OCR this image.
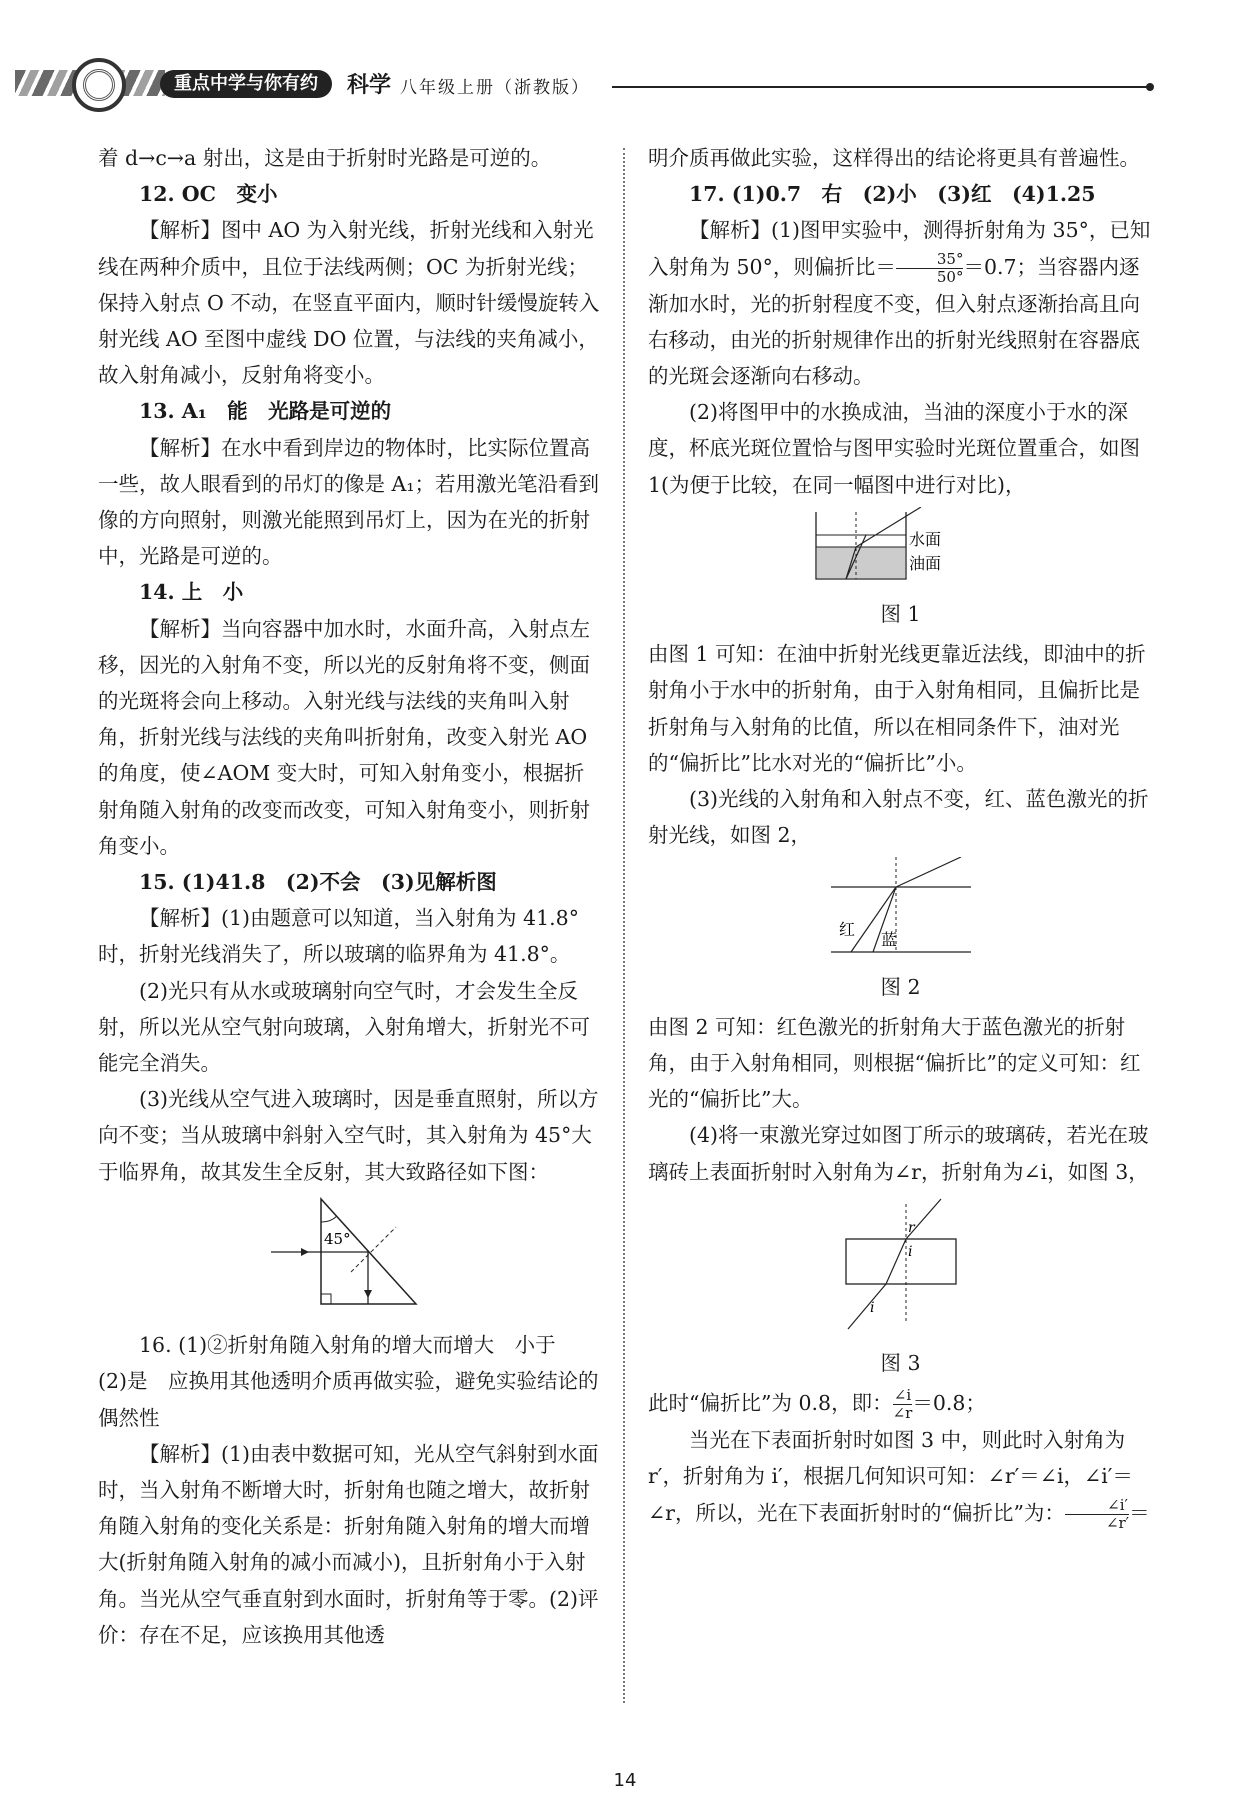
重点中学与你有约	科学 八年级上册（浙教版）

着 d→c→a 射出，这是由于折射时光路是可逆的。

12. OC　变小

【解析】图中 AO 为入射光线，折射光线和入射光线在两种介质中，且位于法线两侧；OC 为折射光线；保持入射点 O 不动，在竖直平面内，顺时针缓慢旋转入射光线 AO 至图中虚线 DO 位置，与法线的夹角减小，故入射角减小，反射角将变小。

13. A₁　能　光路是可逆的

【解析】在水中看到岸边的物体时，比实际位置高一些，故人眼看到的吊灯的像是 A₁；若用激光笔沿看到像的方向照射，则激光能照到吊灯上，因为在光的折射中，光路是可逆的。

14. 上　小

【解析】当向容器中加水时，水面升高，入射点左移，因光的入射角不变，所以光的反射角将不变，侧面的光斑将会向上移动。入射光线与法线的夹角叫入射角，折射光线与法线的夹角叫折射角，改变入射光 AO 的角度，使∠AOM 变大时，可知入射角变小，根据折射角随入射角的改变而改变，可知入射角变小，则折射角变小。

15. (1)41.8　(2)不会　(3)见解析图

【解析】(1)由题意可以知道，当入射角为 41.8°时，折射光线消失了，所以玻璃的临界角为 41.8°。

(2)光只有从水或玻璃射向空气时，才会发生全反射，所以光从空气射向玻璃，入射角增大，折射光不可能完全消失。

(3)光线从空气进入玻璃时，因是垂直照射，所以方向不变；当从玻璃中斜射入空气时，其入射角为 45°大于临界角，故其发生全反射，其大致路径如下图：

45°

16. (1)②折射角随入射角的增大而增大　小于　(2)是　应换用其他透明介质再做实验，避免实验结论的偶然性

【解析】(1)由表中数据可知，光从空气斜射到水面时，当入射角不断增大时，折射角也随之增大，故折射角随入射角的变化关系是：折射角随入射角的增大而增大(折射角随入射角的减小而减小)，且折射角小于入射角。当光从空气垂直射到水面时，折射角等于零。(2)评价：存在不足，应该换用其他透

明介质再做此实验，这样得出的结论将更具有普遍性。

17. (1)0.7　右　(2)小　(3)红　(4)1.25

【解析】(1)图甲实验中，测得折射角为 35°，已知入射角为 50°，则偏折比＝ $\frac{35^\circ}{50^\circ} =0.7$；当容器内逐渐加水时，光的折射程度不变，但入射点逐渐抬高且向右移动，由光的折射规律作出的折射光线照射在容器底的光斑会逐渐向右移动。

(2)将图甲中的水换成油，当油的深度小于水的深度，杯底光斑位置恰与图甲实验时光斑位置重合，如图 1(为便于比较，在同一幅图中进行对比)，

水面
油面

图 1

由图 1 可知：在油中折射光线更靠近法线，即油中的折射角小于水中的折射角，由于入射角相同，且偏折比是折射角与入射角的比值，所以在相同条件下，油对光的“偏折比”比水对光的“偏折比”小。

(3)光线的入射角和入射点不变，红、蓝色激光的折射光线，如图 2，

红
蓝

图 2

由图 2 可知：红色激光的折射角大于蓝色激光的折射角，由于入射角相同，则根据“偏折比”的定义可知：红光的“偏折比”大。

(4)将一束激光穿过如图丁所示的玻璃砖，若光在玻璃砖上表面折射时入射角为∠r，折射角为∠i，如图 3，

r
i
i

图 3

此时“偏折比”为 0.8，即： $\frac{\angle i}{\angle r} =0.8$；

当光在下表面折射时如图 3 中，则此时入射角为 r′，折射角为 i′，根据几何知识可知：∠r′＝∠i，∠i′＝∠r，所以，光在下表面折射时的“偏折比”为： $\frac{\angle i'}{\angle r'}$ ＝

14
